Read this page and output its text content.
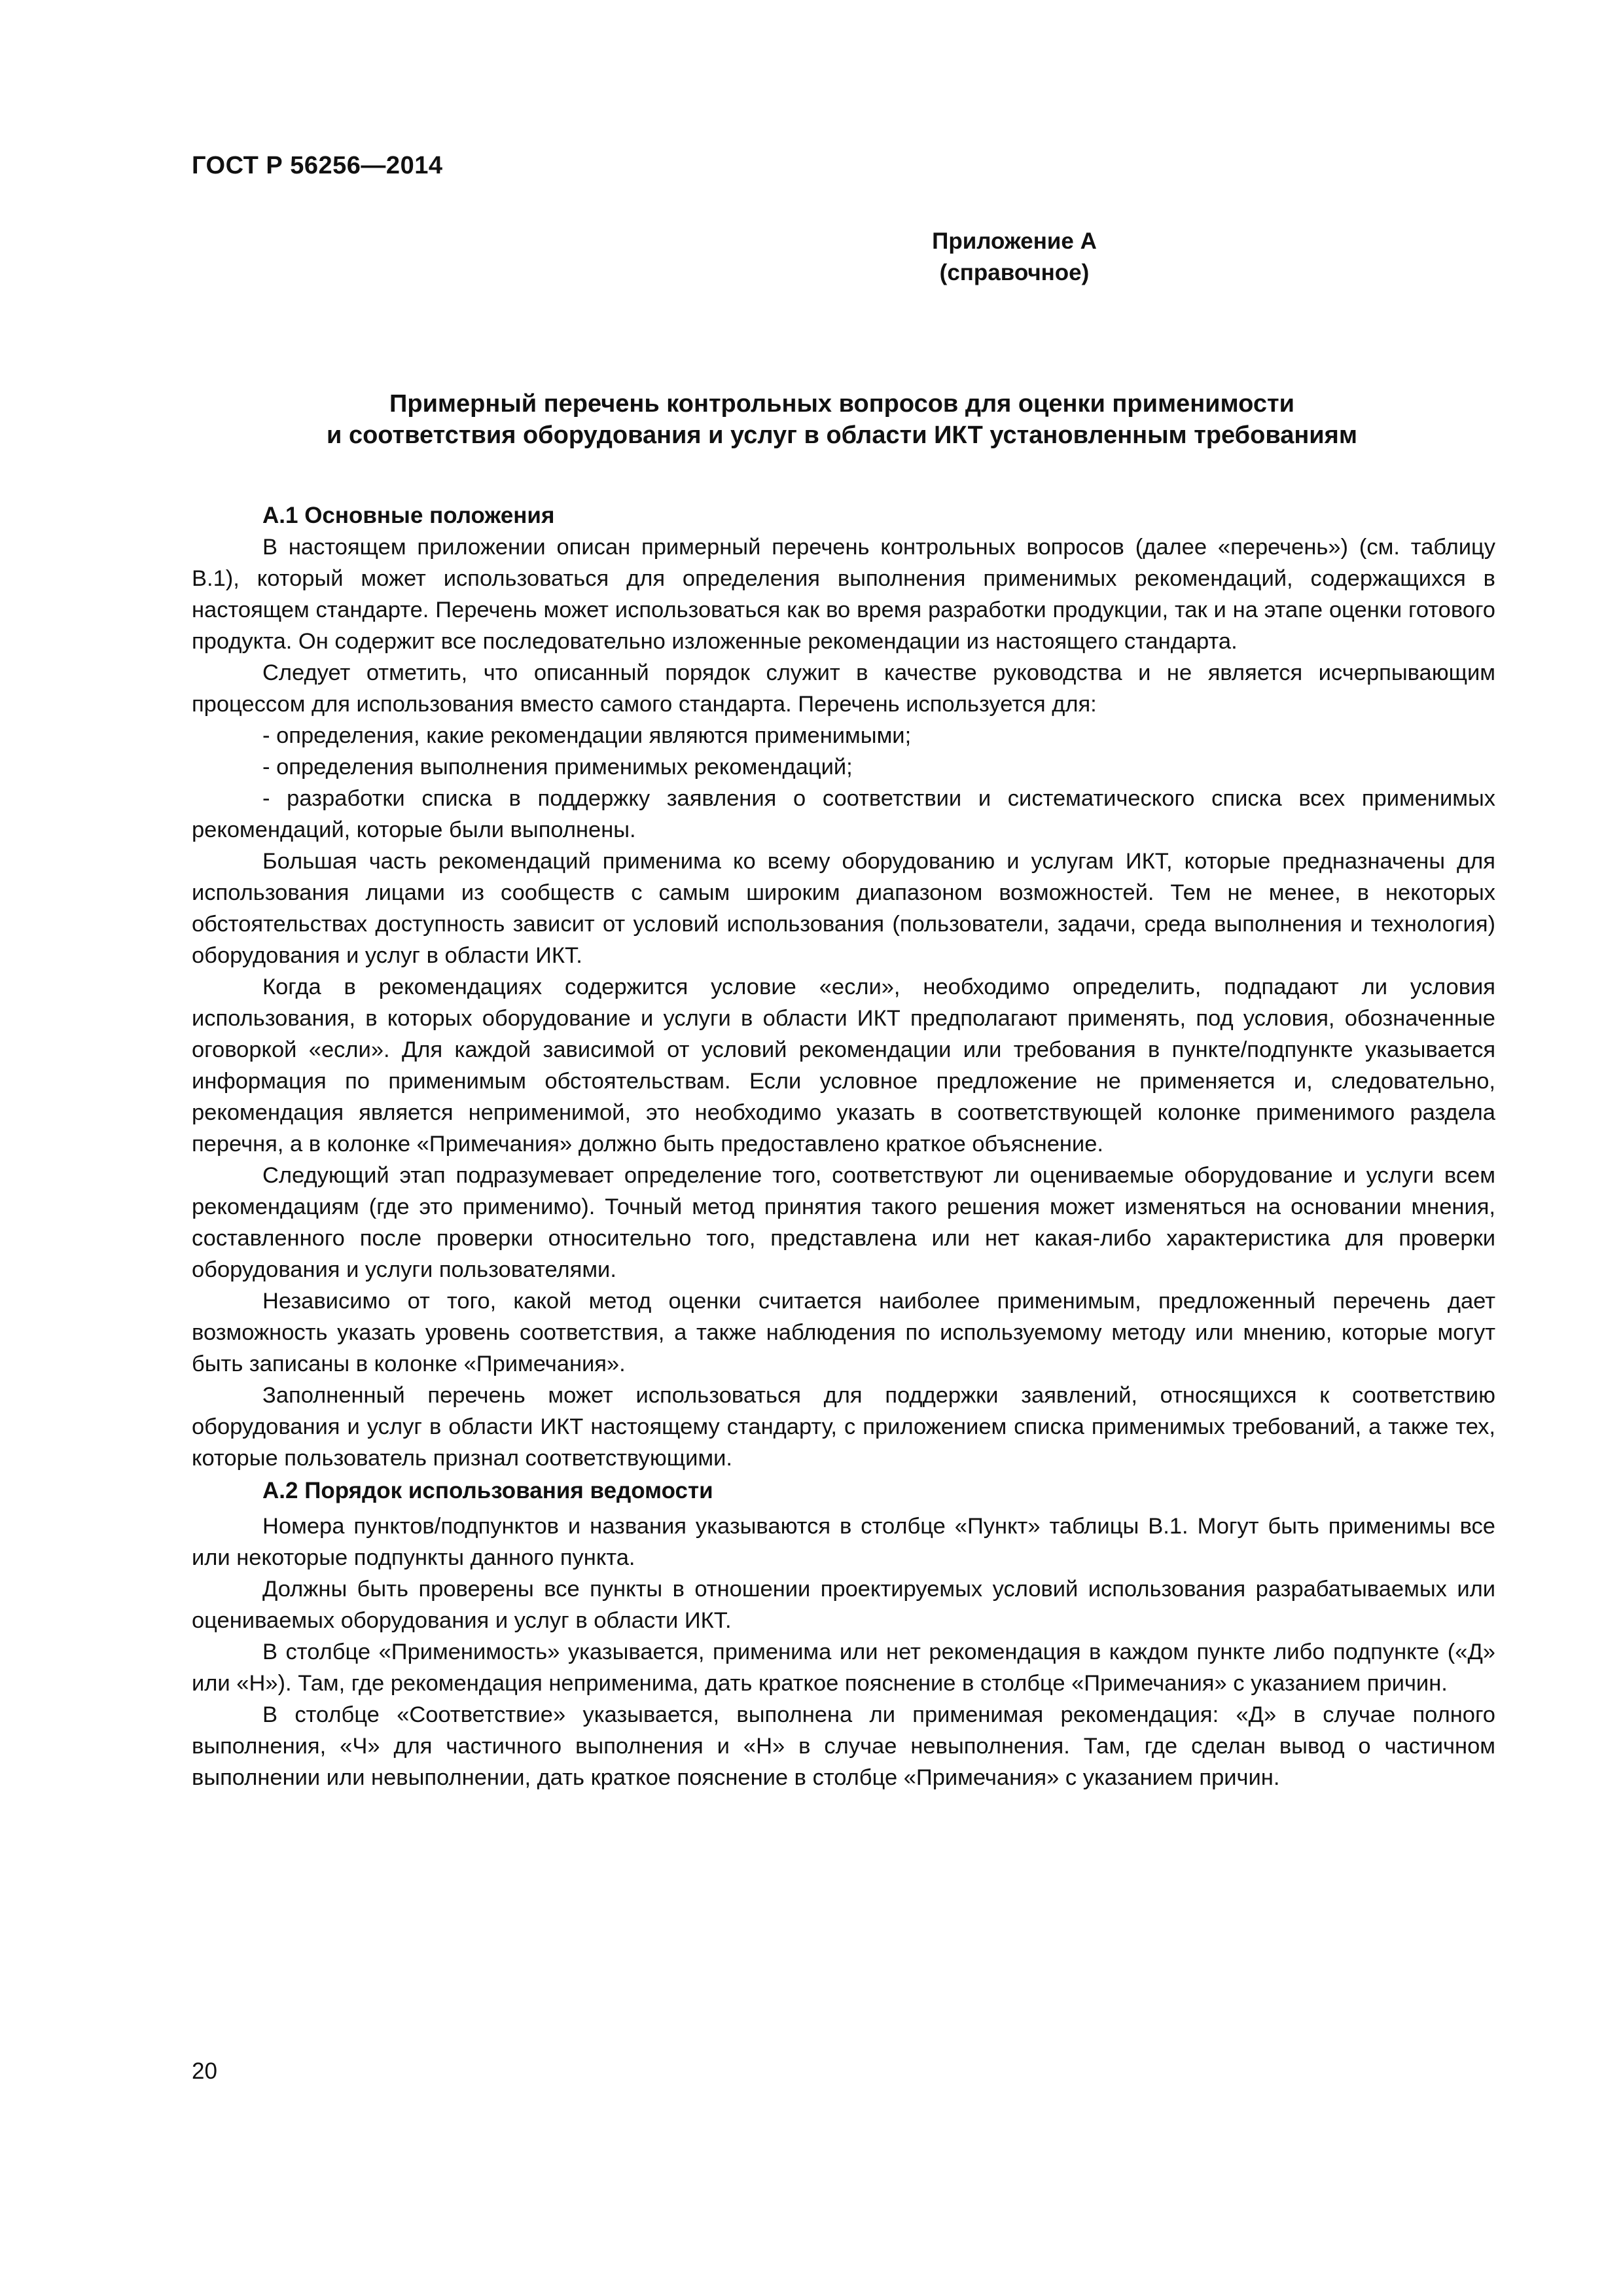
ГОСТ Р 56256—2014
Приложение А
(справочное)
Примерный перечень контрольных вопросов для оценки применимости
и соответствия оборудования и услуг в области ИКТ установленным требованиям

А.1 Основные положения

В настоящем приложении описан примерный перечень контрольных вопросов (далее «перечень») (см. таблицу В.1), который может использоваться для определения выполнения применимых рекомендаций, содержащихся в настоящем стандарте. Перечень может использоваться как во время разработки продукции, так и на этапе оценки готового продукта. Он содержит все последовательно изложенные рекомендации из настоящего стандарта.

Следует отметить, что описанный порядок служит в качестве руководства и не является исчерпывающим процессом для использования вместо самого стандарта. Перечень используется для:

- определения, какие рекомендации являются применимыми;

- определения выполнения применимых рекомендаций;

- разработки списка в поддержку заявления о соответствии и систематического списка всех применимых рекомендаций, которые были выполнены.

Большая часть рекомендаций применима ко всему оборудованию и услугам ИКТ, которые предназначены для использования лицами из сообществ с самым широким диапазоном возможностей. Тем не менее, в некоторых обстоятельствах доступность зависит от условий использования (пользователи, задачи, среда выполнения и технология) оборудования и услуг в области ИКТ.

Когда в рекомендациях содержится условие «если», необходимо определить, подпадают ли условия использования, в которых оборудование и услуги в области ИКТ предполагают применять, под условия, обозначенные оговоркой «если». Для каждой зависимой от условий рекомендации или требования в пункте/подпункте указывается информация по применимым обстоятельствам. Если условное предложение не применяется и, следовательно, рекомендация является неприменимой, это необходимо указать в соответствующей колонке применимого раздела перечня, а в колонке «Примечания» должно быть предоставлено краткое объяснение.

Следующий этап подразумевает определение того, соответствуют ли оцениваемые оборудование и услуги всем рекомендациям (где это применимо). Точный метод принятия такого решения может изменяться на основании мнения, составленного после проверки относительно того, представлена или нет какая-либо характеристика для проверки оборудования и услуги пользователями.

Независимо от того, какой метод оценки считается наиболее применимым, предложенный перечень дает возможность указать уровень соответствия, а также наблюдения по используемому методу или мнению, которые могут быть записаны в колонке «Примечания».

Заполненный перечень может использоваться для поддержки заявлений, относящихся к соответствию оборудования и услуг в области ИКТ настоящему стандарту, с приложением списка применимых требований, а также тех, которые пользователь признал соответствующими.

А.2 Порядок использования ведомости

Номера пунктов/подпунктов и названия указываются в столбце «Пункт» таблицы В.1. Могут быть применимы все или некоторые подпункты данного пункта.

Должны быть проверены все пункты в отношении проектируемых условий использования разрабатываемых или оцениваемых оборудования и услуг в области ИКТ.

В столбце «Применимость» указывается, применима или нет рекомендация в каждом пункте либо подпункте («Д» или «Н»). Там, где рекомендация неприменима, дать краткое пояснение в столбце «Примечания» с указанием причин.

В столбце «Соответствие» указывается, выполнена ли применимая рекомендация: «Д» в случае полного выполнения, «Ч» для частичного выполнения и «Н» в случае невыполнения. Там, где сделан вывод о частичном выполнении или невыполнении, дать краткое пояснение в столбце «Примечания» с указанием причин.

20
